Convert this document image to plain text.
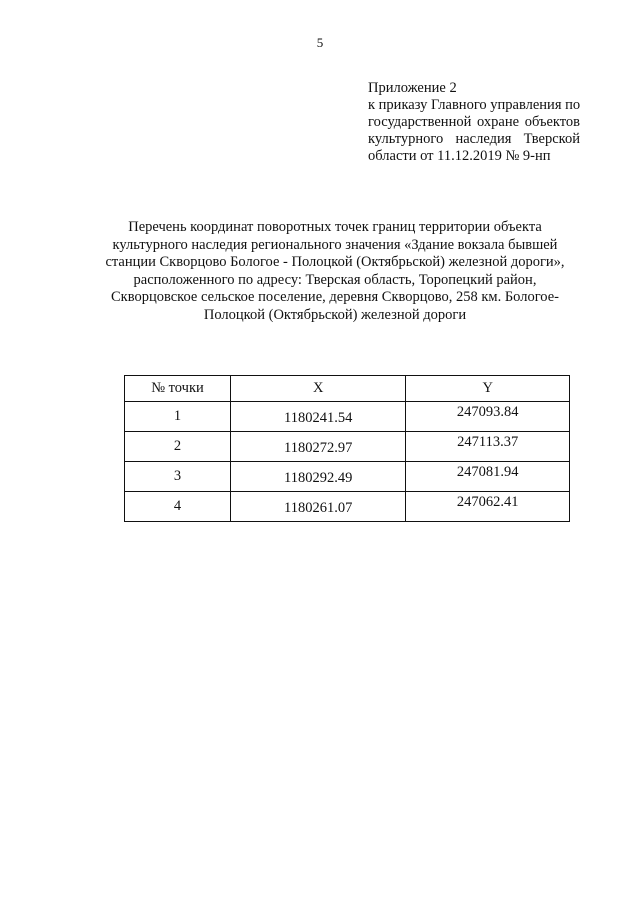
5
Приложение 2
к приказу Главного управления по
государственной охране объектов
культурного наследия Тверской
области от 11.12.2019 № 9-нп
Перечень координат поворотных точек границ территории объекта
культурного наследия регионального значения «Здание вокзала бывшей
станции Скворцово Бологое - Полоцкой (Октябрьской) железной дороги»,
расположенного по адресу: Тверская область, Торопецкий район,
Скворцовское сельское поселение, деревня Скворцово, 258 км. Бологое-
Полоцкой (Октябрьской) железной дороги
№ точки	X	Y
1	1180241.54	247093.84
2	1180272.97	247113.37
3	1180292.49	247081.94
4	1180261.07	247062.41
